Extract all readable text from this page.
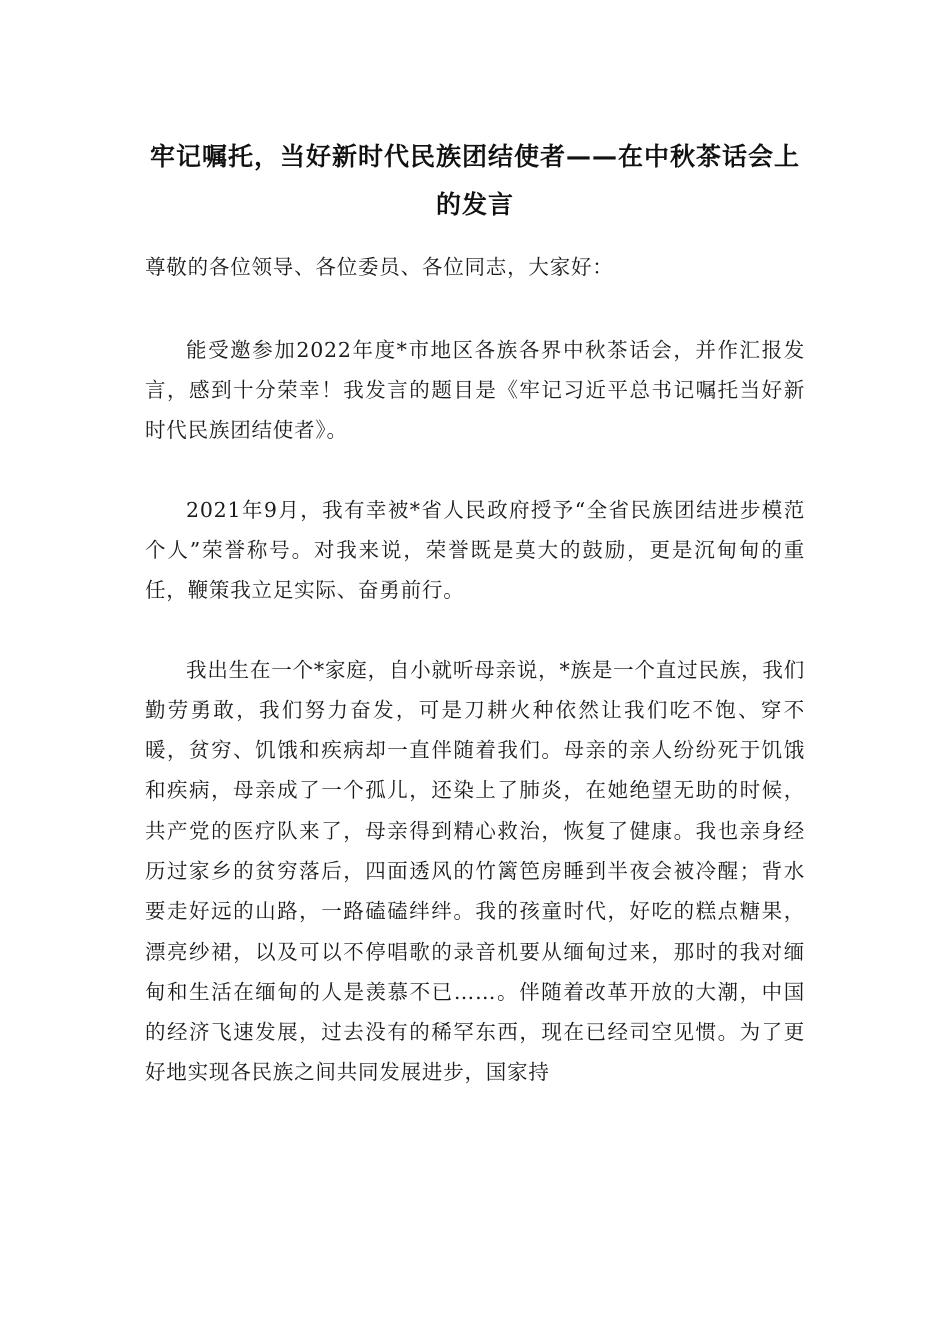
牢记嘱托，当好新时代民族团结使者——在中秋茶话会上的发言
尊敬的各位领导、各位委员、各位同志，大家好：

能受邀参加2022年度*市地区各族各界中秋茶话会，并作汇报发言，感到十分荣幸！我发言的题目是《牢记习近平总书记嘱托当好新时代民族团结使者》。

2021年9月，我有幸被*省人民政府授予“全省民族团结进步模范个人”荣誉称号。对我来说，荣誉既是莫大的鼓励，更是沉甸甸的重任，鞭策我立足实际、奋勇前行。

我出生在一个*家庭，自小就听母亲说，*族是一个直过民族，我们勤劳勇敢，我们努力奋发，可是刀耕火种依然让我们吃不饱、穿不暖，贫穷、饥饿和疾病却一直伴随着我们。母亲的亲人纷纷死于饥饿和疾病，母亲成了一个孤儿，还染上了肺炎，在她绝望无助的时候，共产党的医疗队来了，母亲得到精心救治，恢复了健康。我也亲身经历过家乡的贫穷落后，四面透风的竹篱笆房睡到半夜会被冷醒；背水要走好远的山路，一路磕磕绊绊。我的孩童时代，好吃的糕点糖果，漂亮纱裙，以及可以不停唱歌的录音机要从缅甸过来，那时的我对缅甸和生活在缅甸的人是羡慕不已……。伴随着改革开放的大潮，中国的经济飞速发展，过去没有的稀罕东西，现在已经司空见惯。为了更好地实现各民族之间共同发展进步，国家持
